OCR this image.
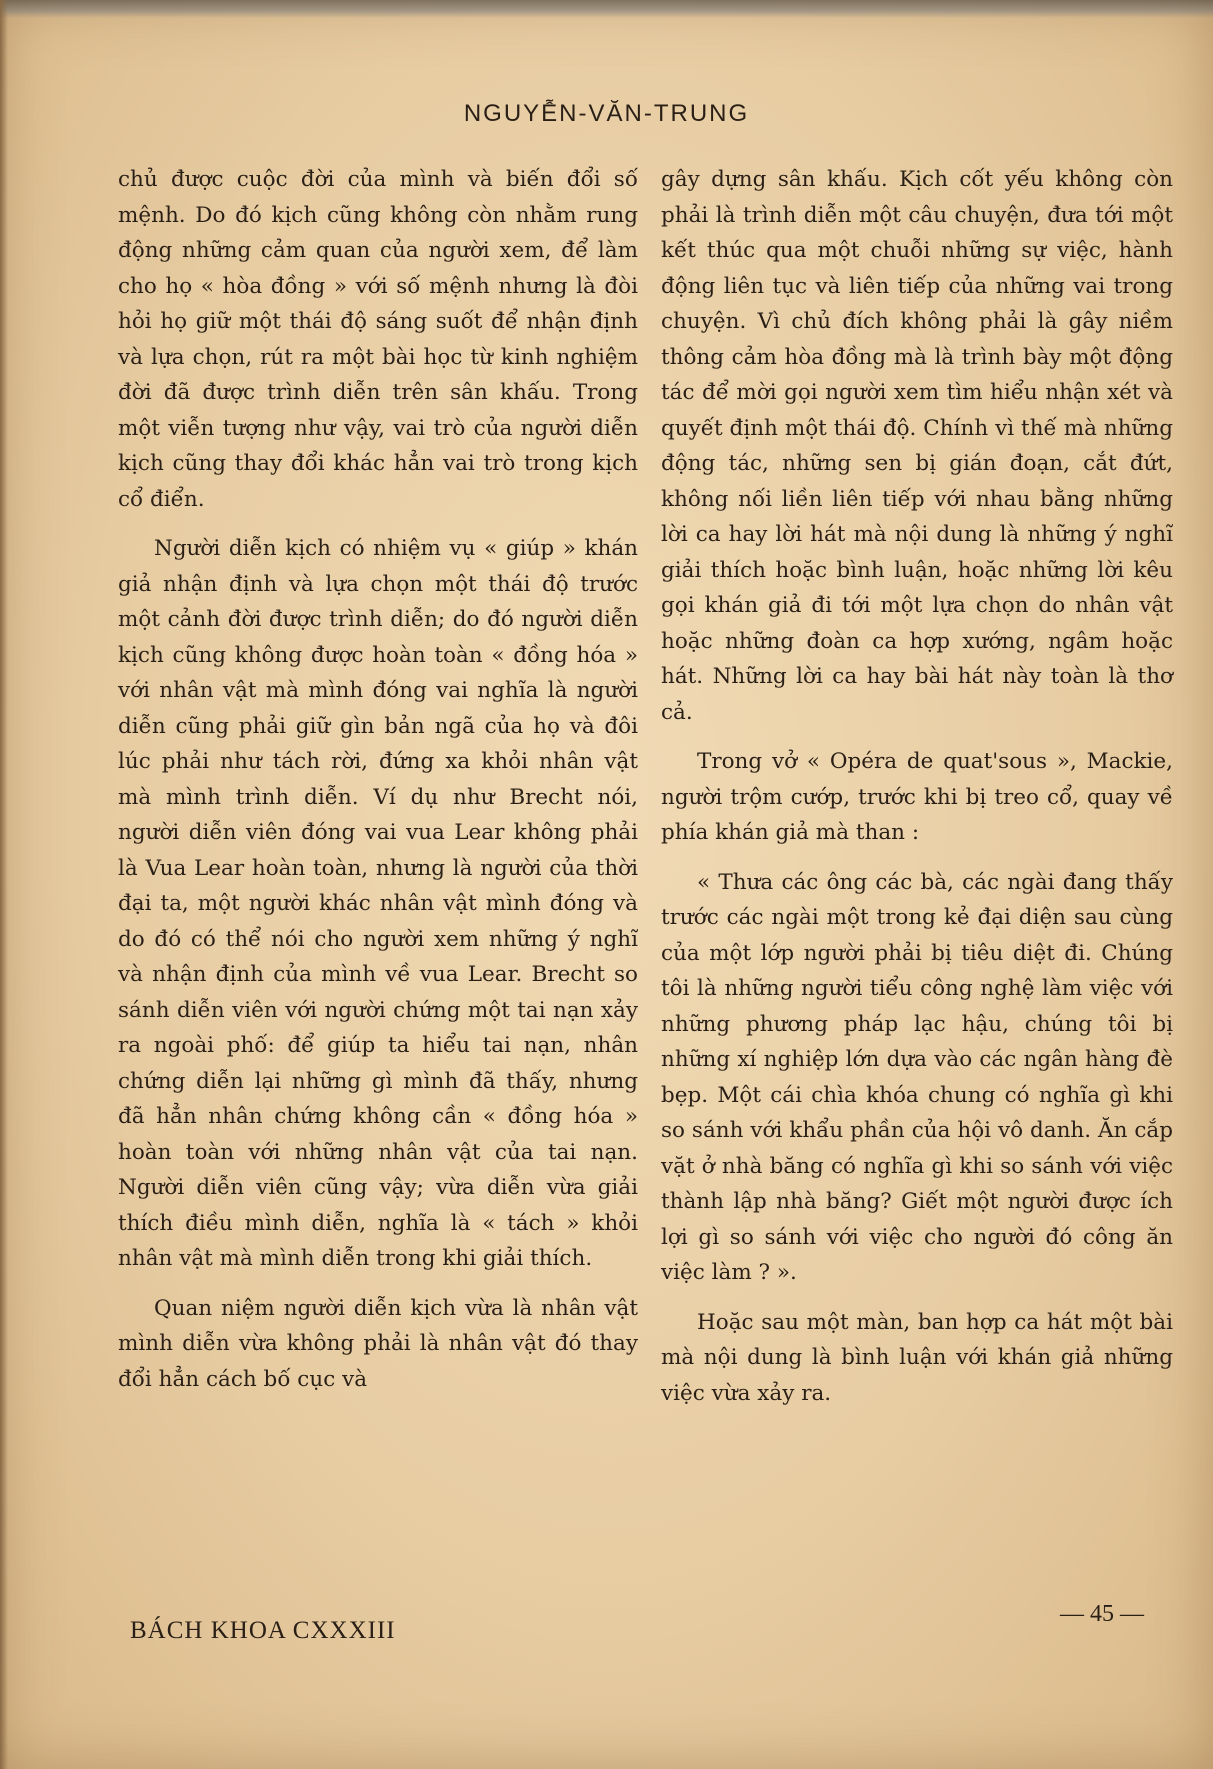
NGUYỄN-VĂN-TRUNG

chủ được cuộc đời của mình và biến đổi số mệnh. Do đó kịch cũng không còn nhằm rung động những cảm quan của người xem, để làm cho họ « hòa đồng » với số mệnh nhưng là đòi hỏi họ giữ một thái độ sáng suốt để nhận định và lựa chọn, rút ra một bài học từ kinh nghiệm đời đã được trình diễn trên sân khấu. Trong một viễn tượng như vậy, vai trò của người diễn kịch cũng thay đổi khác hẳn vai trò trong kịch cổ điển.

Người diễn kịch có nhiệm vụ « giúp » khán giả nhận định và lựa chọn một thái độ trước một cảnh đời được trình diễn; do đó người diễn kịch cũng không được hoàn toàn « đồng hóa » với nhân vật mà mình đóng vai nghĩa là người diễn cũng phải giữ gìn bản ngã của họ và đôi lúc phải như tách rời, đứng xa khỏi nhân vật mà mình trình diễn. Ví dụ như Brecht nói, người diễn viên đóng vai vua Lear không phải là Vua Lear hoàn toàn, nhưng là người của thời đại ta, một người khác nhân vật mình đóng và do đó có thể nói cho người xem những ý nghĩ và nhận định của mình về vua Lear. Brecht so sánh diễn viên với người chứng một tai nạn xảy ra ngoài phố: để giúp ta hiểu tai nạn, nhân chứng diễn lại những gì mình đã thấy, nhưng đã hẳn nhân chứng không cần « đồng hóa » hoàn toàn với những nhân vật của tai nạn. Người diễn viên cũng vậy; vừa diễn vừa giải thích điều mình diễn, nghĩa là « tách » khỏi nhân vật mà mình diễn trong khi giải thích.

Quan niệm người diễn kịch vừa là nhân vật mình diễn vừa không phải là nhân vật đó thay đổi hẳn cách bố cục và

gây dựng sân khấu. Kịch cốt yếu không còn phải là trình diễn một câu chuyện, đưa tới một kết thúc qua một chuỗi những sự việc, hành động liên tục và liên tiếp của những vai trong chuyện. Vì chủ đích không phải là gây niềm thông cảm hòa đồng mà là trình bày một động tác để mời gọi người xem tìm hiểu nhận xét và quyết định một thái độ. Chính vì thế mà những động tác, những sen bị gián đoạn, cắt đứt, không nối liền liên tiếp với nhau bằng những lời ca hay lời hát mà nội dung là những ý nghĩ giải thích hoặc bình luận, hoặc những lời kêu gọi khán giả đi tới một lựa chọn do nhân vật hoặc những đoàn ca hợp xướng, ngâm hoặc hát. Những lời ca hay bài hát này toàn là thơ cả.

Trong vở « Opéra de quat'sous », Mackie, người trộm cướp, trước khi bị treo cổ, quay về phía khán giả mà than :

« Thưa các ông các bà, các ngài đang thấy trước các ngài một trong kẻ đại diện sau cùng của một lớp người phải bị tiêu diệt đi. Chúng tôi là những người tiểu công nghệ làm việc với những phương pháp lạc hậu, chúng tôi bị những xí nghiệp lớn dựa vào các ngân hàng đè bẹp. Một cái chìa khóa chung có nghĩa gì khi so sánh với khẩu phần của hội vô danh. Ăn cắp vặt ở nhà băng có nghĩa gì khi so sánh với việc thành lập nhà băng? Giết một người được ích lợi gì so sánh với việc cho người đó công ăn việc làm ? ».

Hoặc sau một màn, ban hợp ca hát một bài mà nội dung là bình luận với khán giả những việc vừa xảy ra.

BÁCH KHOA CXXXIII
— 45 —
